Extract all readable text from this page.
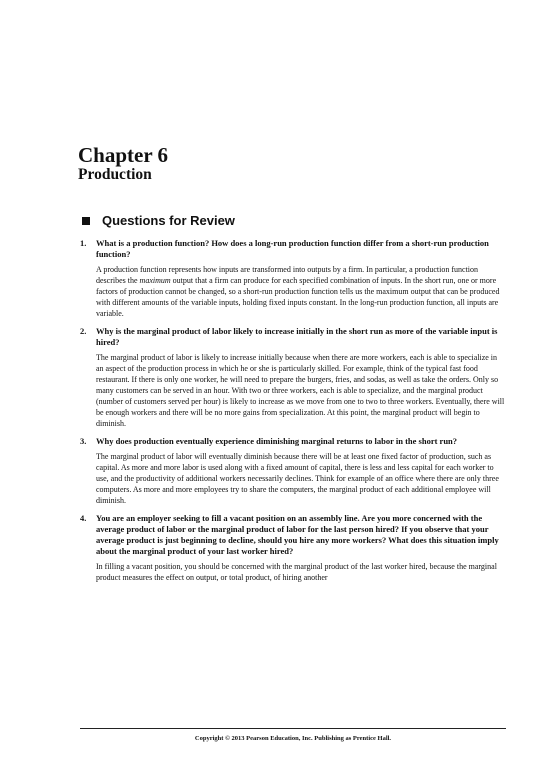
Chapter 6
Production
Questions for Review
1.	What is a production function? How does a long-run production function differ from a short-run production function?
A production function represents how inputs are transformed into outputs by a firm. In particular, a production function describes the maximum output that a firm can produce for each specified combination of inputs. In the short run, one or more factors of production cannot be changed, so a short-run production function tells us the maximum output that can be produced with different amounts of the variable inputs, holding fixed inputs constant. In the long-run production function, all inputs are variable.
2.	Why is the marginal product of labor likely to increase initially in the short run as more of the variable input is hired?
The marginal product of labor is likely to increase initially because when there are more workers, each is able to specialize in an aspect of the production process in which he or she is particularly skilled. For example, think of the typical fast food restaurant. If there is only one worker, he will need to prepare the burgers, fries, and sodas, as well as take the orders. Only so many customers can be served in an hour. With two or three workers, each is able to specialize, and the marginal product (number of customers served per hour) is likely to increase as we move from one to two to three workers. Eventually, there will be enough workers and there will be no more gains from specialization. At this point, the marginal product will begin to diminish.
3.	Why does production eventually experience diminishing marginal returns to labor in the short run?
The marginal product of labor will eventually diminish because there will be at least one fixed factor of production, such as capital. As more and more labor is used along with a fixed amount of capital, there is less and less capital for each worker to use, and the productivity of additional workers necessarily declines. Think for example of an office where there are only three computers. As more and more employees try to share the computers, the marginal product of each additional employee will diminish.
4.	You are an employer seeking to fill a vacant position on an assembly line. Are you more concerned with the average product of labor or the marginal product of labor for the last person hired? If you observe that your average product is just beginning to decline, should you hire any more workers? What does this situation imply about the marginal product of your last worker hired?
In filling a vacant position, you should be concerned with the marginal product of the last worker hired, because the marginal product measures the effect on output, or total product, of hiring another
Copyright © 2013 Pearson Education, Inc. Publishing as Prentice Hall.
